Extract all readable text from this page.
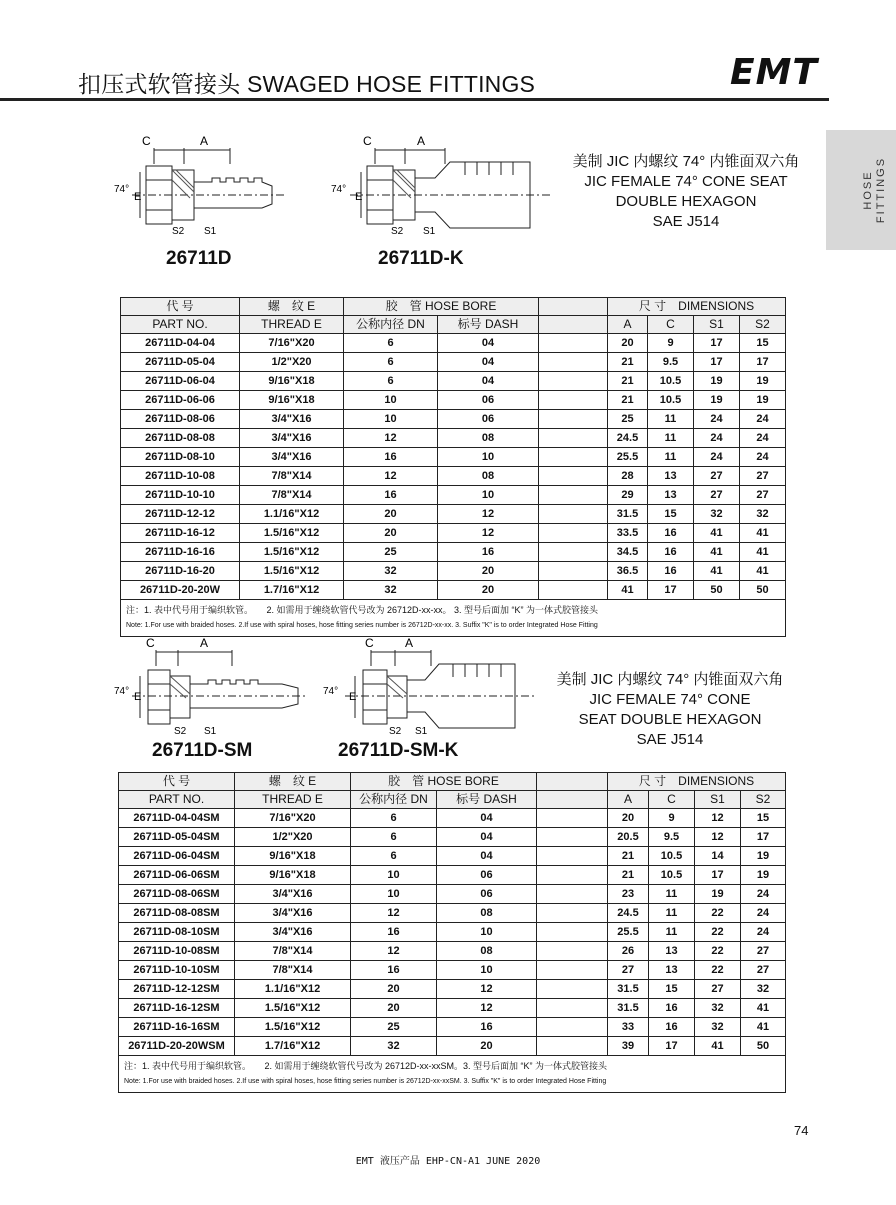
扣压式软管接头 SWAGED HOSE FITTINGS	EMT
HOSE FITTINGS
C	A
74°
E
S2 S1
C	A
74°
E
S2 S1
美制 JIC 内螺纹 74° 内锥面双六角
JIC FEMALE 74° CONE SEAT
DOUBLE HEXAGON
SAE J514
26711D	26711D-K
代 号	螺　纹 E	胶　管 HOSE BORE			尺 寸　DIMENSIONS			
PART NO.	THREAD E	公称内径 DN	标号 DASH		A	C	S1	S2
26711D-04-04	7/16"X20	6	04		20	9	17	15
26711D-05-04	1/2"X20	6	04		21	9.5	17	17
26711D-06-04	9/16"X18	6	04		21	10.5	19	19
26711D-06-06	9/16"X18	10	06		21	10.5	19	19
26711D-08-06	3/4"X16	10	06		25	11	24	24
26711D-08-08	3/4"X16	12	08		24.5	11	24	24
26711D-08-10	3/4"X16	16	10		25.5	11	24	24
26711D-10-08	7/8"X14	12	08		28	13	27	27
26711D-10-10	7/8"X14	16	10		29	13	27	27
26711D-12-12	1.1/16"X12	20	12		31.5	15	32	32
26711D-16-12	1.5/16"X12	20	12		33.5	16	41	41
26711D-16-16	1.5/16"X12	25	16		34.5	16	41	41
26711D-16-20	1.5/16"X12	32	20		36.5	16	41	41
26711D-20-20W	1.7/16"X12	32	20		41	17	50	50

注：1. 表中代号用于编织软管。　　2. 如需用于缠绕软管代号改为 26712D-xx-xx。 3. 型号后面加 “K” 为一体式胶管接头
Note: 1.For use with braided hoses. 2.If use with spiral hoses, hose fitting series number is 26712D-xx-xx. 3. Suffix "K" is to order Integrated Hose Fitting								
C	A
74° E
S2 S1
C	A
74° E
S2 S1
美制 JIC 内螺纹 74° 内锥面双六角
JIC FEMALE 74° CONE
SEAT DOUBLE HEXAGON
SAE J514
26711D-SM	26711D-SM-K
代 号	螺　纹 E	胶　管 HOSE BORE			尺 寸　DIMENSIONS			
PART NO.	THREAD E	公称内径 DN	标号 DASH		A	C	S1	S2
26711D-04-04SM	7/16"X20	6	04		20	9	12	15
26711D-05-04SM	1/2"X20	6	04		20.5	9.5	12	17
26711D-06-04SM	9/16"X18	6	04		21	10.5	14	19
26711D-06-06SM	9/16"X18	10	06		21	10.5	17	19
26711D-08-06SM	3/4"X16	10	06		23	11	19	24
26711D-08-08SM	3/4"X16	12	08		24.5	11	22	24
26711D-08-10SM	3/4"X16	16	10		25.5	11	22	24
26711D-10-08SM	7/8"X14	12	08		26	13	22	27
26711D-10-10SM	7/8"X14	16	10		27	13	22	27
26711D-12-12SM	1.1/16"X12	20	12		31.5	15	27	32
26711D-16-12SM	1.5/16"X12	20	12		31.5	16	32	41
26711D-16-16SM	1.5/16"X12	25	16		33	16	32	41
26711D-20-20WSM	1.7/16"X12	32	20		39	17	41	50

注：1. 表中代号用于编织软管。　　2. 如需用于缠绕软管代号改为 26712D-xx-xxSM。3. 型号后面加 “K” 为一体式胶管接头
Note: 1.For use with braided hoses. 2.If use with spiral hoses, hose fitting series number is 26712D-xx-xxSM. 3. Suffix "K" is to order Integrated Hose Fitting								
74
EMT 液压产品 EHP-CN-A1 JUNE 2020
